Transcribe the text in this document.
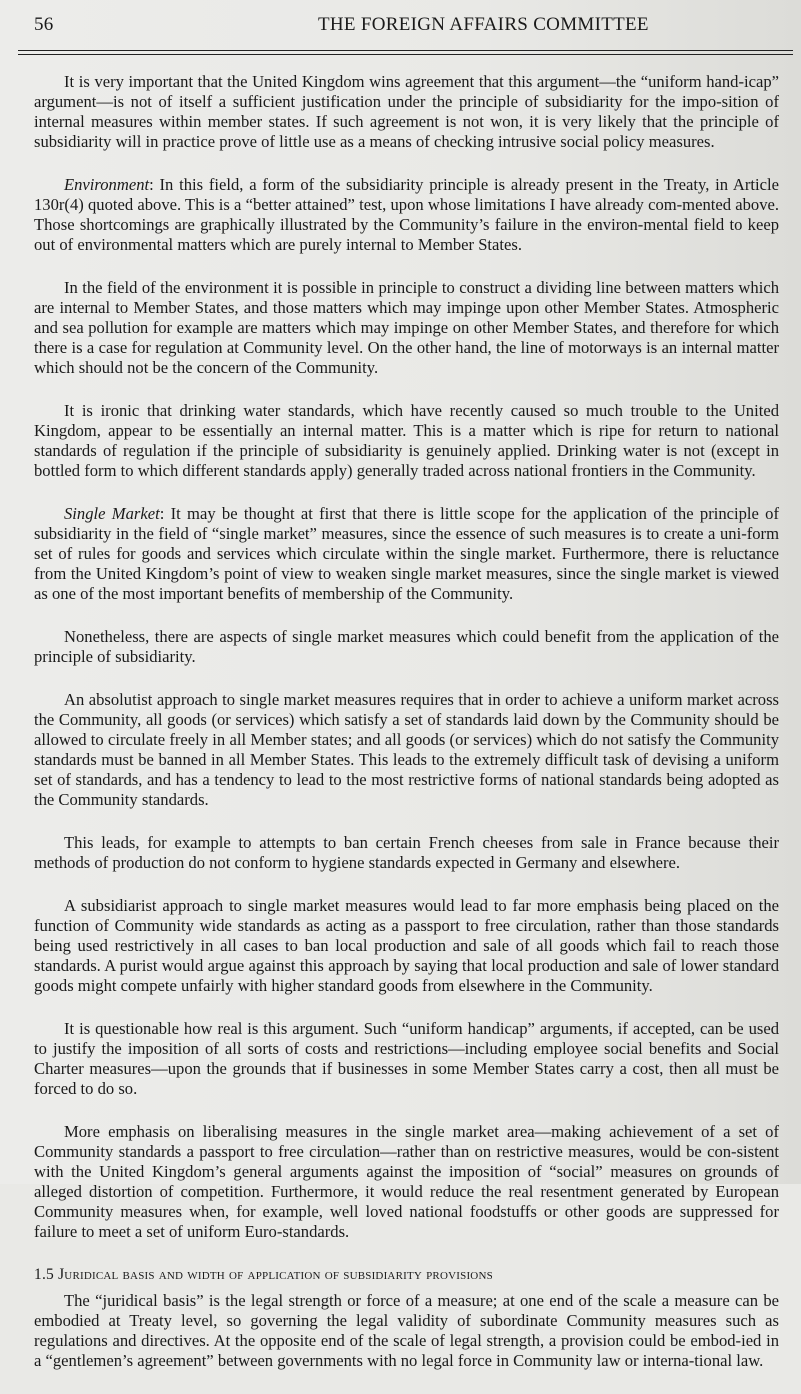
56	THE FOREIGN AFFAIRS COMMITTEE

It is very important that the United Kingdom wins agreement that this argument—the “uniform hand-icap” argument—is not of itself a sufficient justification under the principle of subsidiarity for the impo-sition of internal measures within member states. If such agreement is not won, it is very likely that the principle of subsidiarity will in practice prove of little use as a means of checking intrusive social policy measures.

Environment: In this field, a form of the subsidiarity principle is already present in the Treaty, in Article 130r(4) quoted above. This is a “better attained” test, upon whose limitations I have already com-mented above. Those shortcomings are graphically illustrated by the Community’s failure in the environ-mental field to keep out of environmental matters which are purely internal to Member States.

In the field of the environment it is possible in principle to construct a dividing line between matters which are internal to Member States, and those matters which may impinge upon other Member States. Atmospheric and sea pollution for example are matters which may impinge on other Member States, and therefore for which there is a case for regulation at Community level. On the other hand, the line of motorways is an internal matter which should not be the concern of the Community.

It is ironic that drinking water standards, which have recently caused so much trouble to the United Kingdom, appear to be essentially an internal matter. This is a matter which is ripe for return to national standards of regulation if the principle of subsidiarity is genuinely applied. Drinking water is not (except in bottled form to which different standards apply) generally traded across national frontiers in the Community.

Single Market: It may be thought at first that there is little scope for the application of the principle of subsidiarity in the field of “single market” measures, since the essence of such measures is to create a uni-form set of rules for goods and services which circulate within the single market. Furthermore, there is reluctance from the United Kingdom’s point of view to weaken single market measures, since the single market is viewed as one of the most important benefits of membership of the Community.

Nonetheless, there are aspects of single market measures which could benefit from the application of the principle of subsidiarity.

An absolutist approach to single market measures requires that in order to achieve a uniform market across the Community, all goods (or services) which satisfy a set of standards laid down by the Community should be allowed to circulate freely in all Member states; and all goods (or services) which do not satisfy the Community standards must be banned in all Member States. This leads to the extremely difficult task of devising a uniform set of standards, and has a tendency to lead to the most restrictive forms of national standards being adopted as the Community standards.

This leads, for example to attempts to ban certain French cheeses from sale in France because their methods of production do not conform to hygiene standards expected in Germany and elsewhere.

A subsidiarist approach to single market measures would lead to far more emphasis being placed on the function of Community wide standards as acting as a passport to free circulation, rather than those standards being used restrictively in all cases to ban local production and sale of all goods which fail to reach those standards. A purist would argue against this approach by saying that local production and sale of lower standard goods might compete unfairly with higher standard goods from elsewhere in the Community.

It is questionable how real is this argument. Such “uniform handicap” arguments, if accepted, can be used to justify the imposition of all sorts of costs and restrictions—including employee social benefits and Social Charter measures—upon the grounds that if businesses in some Member States carry a cost, then all must be forced to do so.

More emphasis on liberalising measures in the single market area—making achievement of a set of Community standards a passport to free circulation—rather than on restrictive measures, would be con-sistent with the United Kingdom’s general arguments against the imposition of “social” measures on grounds of alleged distortion of competition. Furthermore, it would reduce the real resentment generated by European Community measures when, for example, well loved national foodstuffs or other goods are suppressed for failure to meet a set of uniform Euro-standards.

1.5 Juridical basis and width of application of subsidiarity provisions

The “juridical basis” is the legal strength or force of a measure; at one end of the scale a measure can be embodied at Treaty level, so governing the legal validity of subordinate Community measures such as regulations and directives. At the opposite end of the scale of legal strength, a provision could be embod-ied in a “gentlemen’s agreement” between governments with no legal force in Community law or interna-tional law.
